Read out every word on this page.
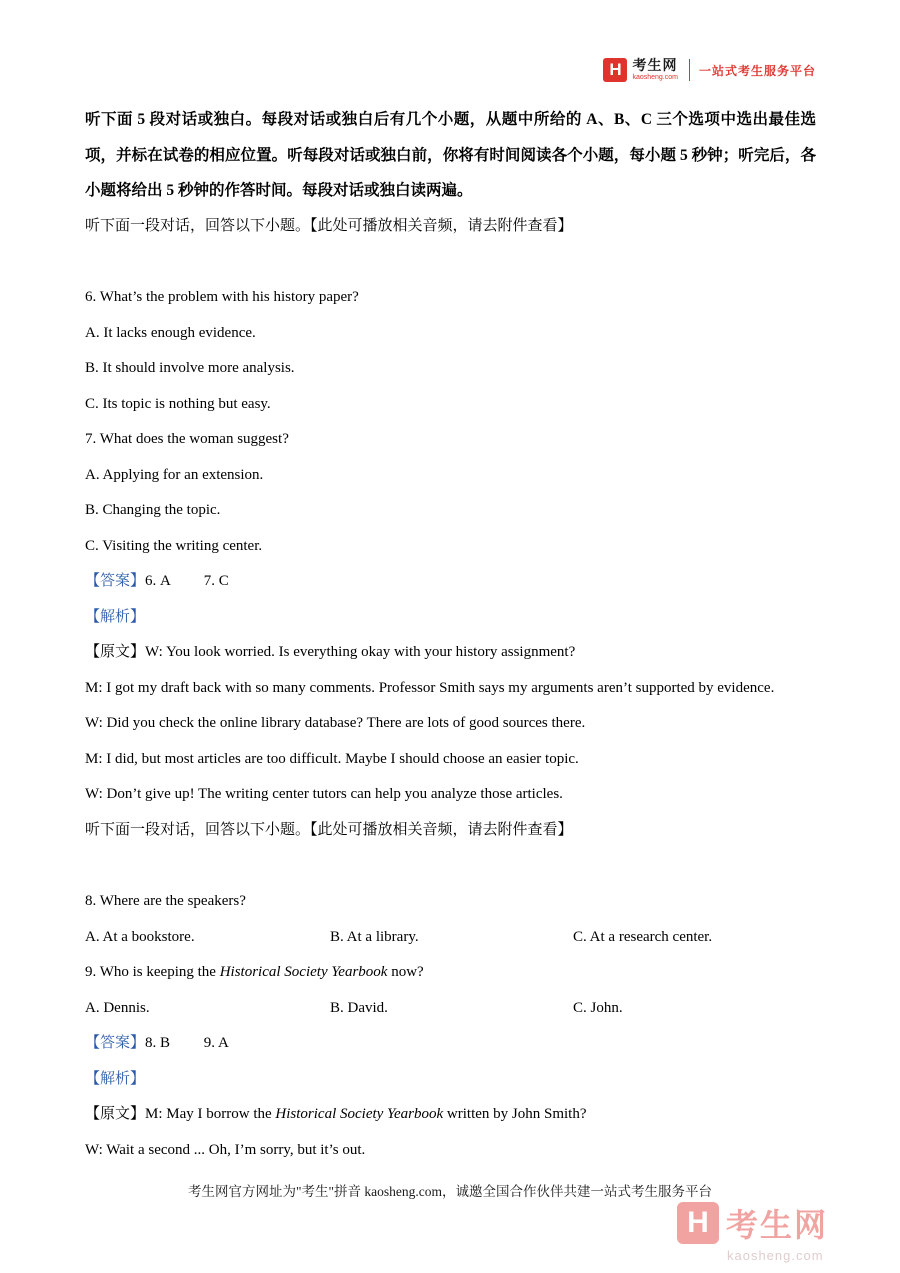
H 考生网
kaosheng.com 一站式考生服务平台
听下面 5 段对话或独白。每段对话或独白后有几个小题，从题中所给的 A、B、C 三个选项中选出最佳选项，并标在试卷的相应位置。听每段对话或独白前，你将有时间阅读各个小题，每小题 5 秒钟；听完后，各小题将给出 5 秒钟的作答时间。每段对话或独白读两遍。
听下面一段对话，回答以下小题。【此处可播放相关音频，请去附件查看】
6. What’s the problem with his history paper?
A. It lacks enough evidence.
B. It should involve more analysis.
C. Its topic is nothing but easy.
7. What does the woman suggest?
A. Applying for an extension.
B. Changing the topic.
C. Visiting the writing center.
【答案】6. A         7. C
【解析】
【原文】W: You look worried. Is everything okay with your history assignment?
M: I got my draft back with so many comments. Professor Smith says my arguments aren’t supported by evidence.
W: Did you check the online library database? There are lots of good sources there.
M: I did, but most articles are too difficult. Maybe I should choose an easier topic.
W: Don’t give up! The writing center tutors can help you analyze those articles.
听下面一段对话，回答以下小题。【此处可播放相关音频，请去附件查看】
8. Where are the speakers?
A. At a bookstore.	B. At a library.	C. At a research center.
9. Who is keeping the Historical Society Yearbook now?
A. Dennis.	B. David.	C. John.
【答案】8. B         9. A
【解析】
【原文】M: May I borrow the Historical Society Yearbook written by John Smith?
W: Wait a second ... Oh, I’m sorry, but it’s out.
考生网官方网址为"考生"拼音 kaosheng.com，诚邀全国合作伙伴共建一站式考生服务平台
H 考生网
kaosheng.com
